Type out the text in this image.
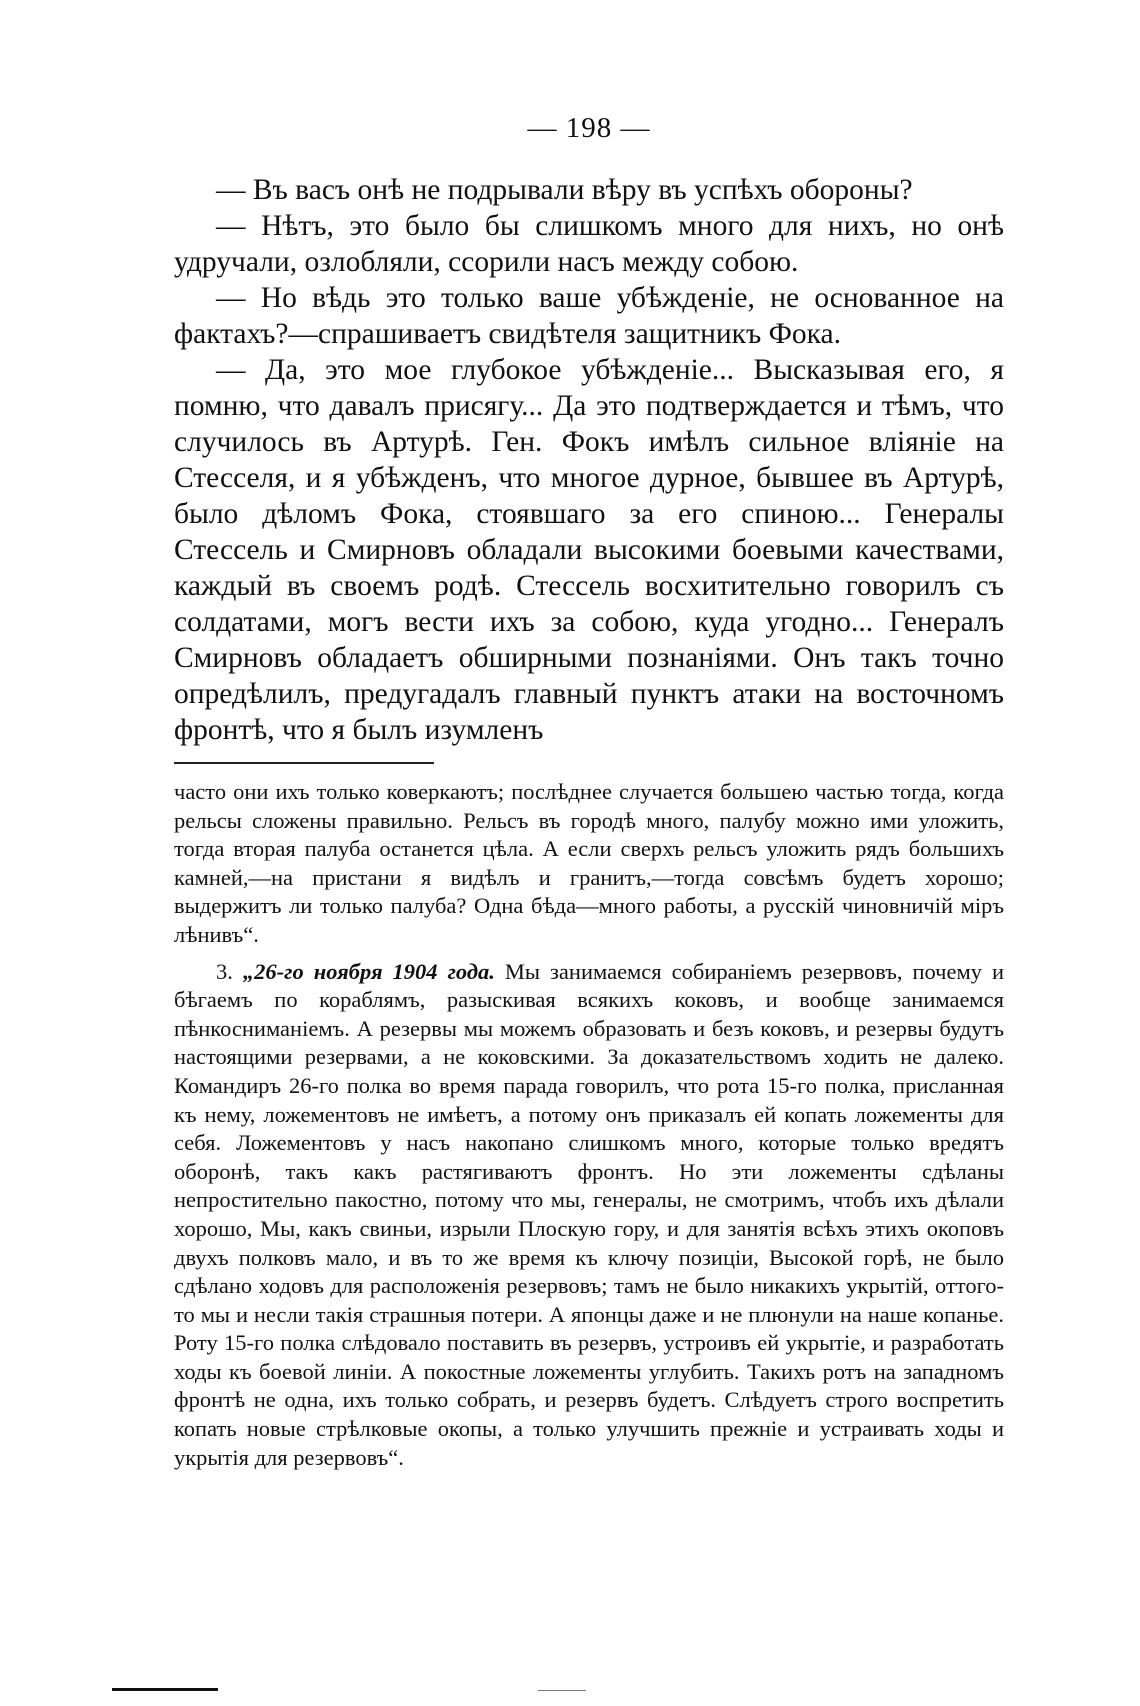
— 198 —

— Въ васъ онѣ не подрывали вѣру въ успѣхъ обороны?

— Нѣтъ, это было бы слишкомъ много для нихъ, но онѣ удручали, озлобляли, ссорили насъ между собою.

— Но вѣдь это только ваше убѣжденіе, не основанное на фактахъ?—спрашиваетъ свидѣтеля защитникъ Фока.

— Да, это мое глубокое убѣжденіе... Высказывая его, я помню, что давалъ присягу... Да это подтверждается и тѣмъ, что случилось въ Артурѣ. Ген. Фокъ имѣлъ сильное вліяніе на Стесселя, и я убѣжденъ, что многое дурное, бывшее въ Артурѣ, было дѣломъ Фока, стоявшаго за его спиною... Генералы Стессель и Смирновъ обладали высокими боевыми качествами, каждый въ своемъ родѣ. Стессель восхитительно говорилъ съ солдатами, могъ вести ихъ за собою, куда угодно... Генералъ Смирновъ обладаетъ обширными познаніями. Онъ такъ точно опредѣлилъ, предугадалъ главный пунктъ атаки на восточномъ фронтѣ, что я былъ изумленъ

часто они ихъ только коверкаютъ; послѣднее случается большею частью тогда, когда рельсы сложены правильно. Рельсъ въ городѣ много, палубу можно ими уложить, тогда вторая палуба останется цѣла. А если сверхъ рельсъ уложить рядъ большихъ камней,—на пристани я видѣлъ и гранитъ,—тогда совсѣмъ будетъ хорошо; выдержитъ ли только палуба? Одна бѣда—много работы, а русскій чиновничій міръ лѣнивъ“.

3. „26-го ноября 1904 года. Мы занимаемся собираніемъ резервовъ, почему и бѣгаемъ по кораблямъ, разыскивая всякихъ коковъ, и вообще занимаемся пѣнкосниманіемъ. А резервы мы можемъ образовать и безъ коковъ, и резервы будутъ настоящими резервами, а не коковскими. За доказательствомъ ходить не далеко. Командиръ 26-го полка во время парада говорилъ, что рота 15-го полка, присланная къ нему, ложементовъ не имѣетъ, а потому онъ приказалъ ей копать ложементы для себя. Ложементовъ у насъ накопано слишкомъ много, которые только вредятъ оборонѣ, такъ какъ растягиваютъ фронтъ. Но эти ложементы сдѣланы непростительно пакостно, потому что мы, генералы, не смотримъ, чтобъ ихъ дѣлали хорошо, Мы, какъ свиньи, изрыли Плоскую гору, и для занятія всѣхъ этихъ окоповъ двухъ полковъ мало, и въ то же время къ ключу позиціи, Высокой горѣ, не было сдѣлано ходовъ для расположенія резервовъ; тамъ не было никакихъ укрытій, оттого-то мы и несли такія страшныя потери. А японцы даже и не плюнули на наше копанье. Роту 15-го полка слѣдовало поставить въ резервъ, устроивъ ей укрытіе, и разработать ходы къ боевой линіи. А покостные ложементы углубить. Такихъ ротъ на западномъ фронтѣ не одна, ихъ только собрать, и резервъ будетъ. Слѣдуетъ строго воспретить копать новые стрѣлковые окопы, а только улучшить прежніе и устраивать ходы и укрытія для резервовъ“.
